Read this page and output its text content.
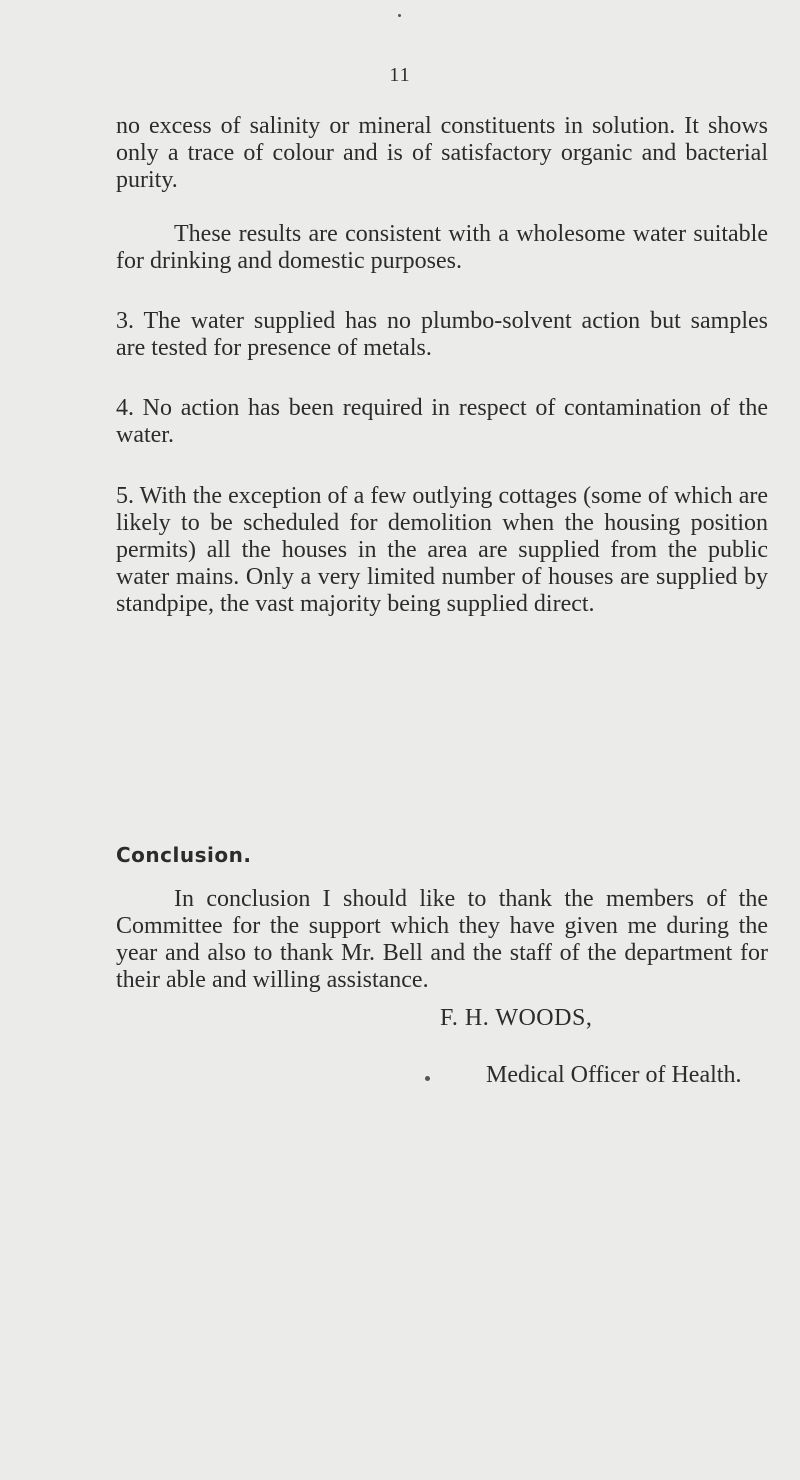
11

no excess of salinity or mineral constituents in solution. It shows only a trace of colour and is of satisfactory organic and bacterial purity.

These results are consistent with a wholesome water suitable for drinking and domestic purposes.

3. The water supplied has no plumbo-solvent action but samples are tested for presence of metals.

4. No action has been required in respect of contamination of the water.

5. With the exception of a few outlying cottages (some of which are likely to be scheduled for demolition when the housing position permits) all the houses in the area are supplied from the public water mains. Only a very limited number of houses are supplied by standpipe, the vast majority being supplied direct.

Conclusion.

In conclusion I should like to thank the members of the Committee for the support which they have given me during the year and also to thank Mr. Bell and the staff of the department for their able and willing assistance.

F. H. WOODS,
Medical Officer of Health.
